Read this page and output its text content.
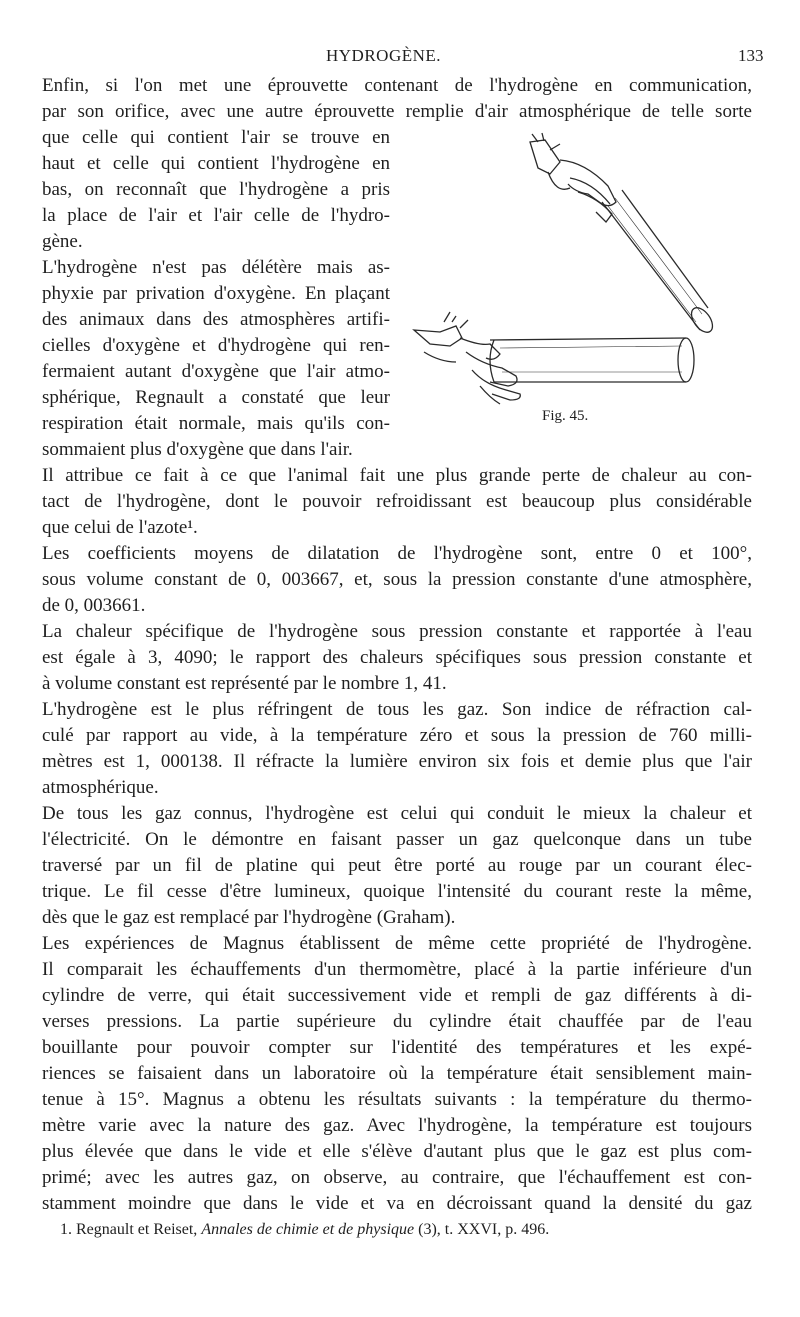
HYDROGÈNE.	133
Enfin, si l'on met une éprouvette contenant de l'hydrogène en communication,
par son orifice, avec une autre éprouvette remplie d'air atmosphérique de telle sorte
que celle qui contient l'air se trouve en
haut et celle qui contient l'hydrogène en
bas, on reconnaît que l'hydrogène a pris
la place de l'air et l'air celle de l'hydro-
gène.
L'hydrogène n'est pas délétère mais as-
phyxie par privation d'oxygène. En plaçant
des animaux dans des atmosphères artifi-
cielles d'oxygène et d'hydrogène qui ren-
fermaient autant d'oxygène que l'air atmo-
sphérique, Regnault a constaté que leur
respiration était normale, mais qu'ils con-
sommaient plus d'oxygène que dans l'air.
Il attribue ce fait à ce que l'animal fait une plus grande perte de chaleur au con-
tact de l'hydrogène, dont le pouvoir refroidissant est beaucoup plus considérable
que celui de l'azote¹.
Les coefficients moyens de dilatation de l'hydrogène sont, entre 0 et 100°,
sous volume constant de 0, 003667, et, sous la pression constante d'une atmosphère,
de 0, 003661.
La chaleur spécifique de l'hydrogène sous pression constante et rapportée à l'eau
est égale à 3, 4090; le rapport des chaleurs spécifiques sous pression constante et
à volume constant est représenté par le nombre 1, 41.
L'hydrogène est le plus réfringent de tous les gaz. Son indice de réfraction cal-
culé par rapport au vide, à la température zéro et sous la pression de 760 milli-
mètres est 1, 000138. Il réfracte la lumière environ six fois et demie plus que l'air
atmosphérique.
De tous les gaz connus, l'hydrogène est celui qui conduit le mieux la chaleur et
l'électricité. On le démontre en faisant passer un gaz quelconque dans un tube
traversé par un fil de platine qui peut être porté au rouge par un courant élec-
trique. Le fil cesse d'être lumineux, quoique l'intensité du courant reste la même,
dès que le gaz est remplacé par l'hydrogène (Graham).
Les expériences de Magnus établissent de même cette propriété de l'hydrogène.
Il comparait les échauffements d'un thermomètre, placé à la partie inférieure d'un
cylindre de verre, qui était successivement vide et rempli de gaz différents à di-
verses pressions. La partie supérieure du cylindre était chauffée par de l'eau
bouillante pour pouvoir compter sur l'identité des températures et les expé-
riences se faisaient dans un laboratoire où la température était sensiblement main-
tenue à 15°. Magnus a obtenu les résultats suivants : la température du thermo-
mètre varie avec la nature des gaz. Avec l'hydrogène, la température est toujours
plus élevée que dans le vide et elle s'élève d'autant plus que le gaz est plus com-
primé; avec les autres gaz, on observe, au contraire, que l'échauffement est con-
stamment moindre que dans le vide et va en décroissant quand la densité du gaz
Fig. 45.
1. Regnault et Reiset, Annales de chimie et de physique (3), t. XXVI, p. 496.
